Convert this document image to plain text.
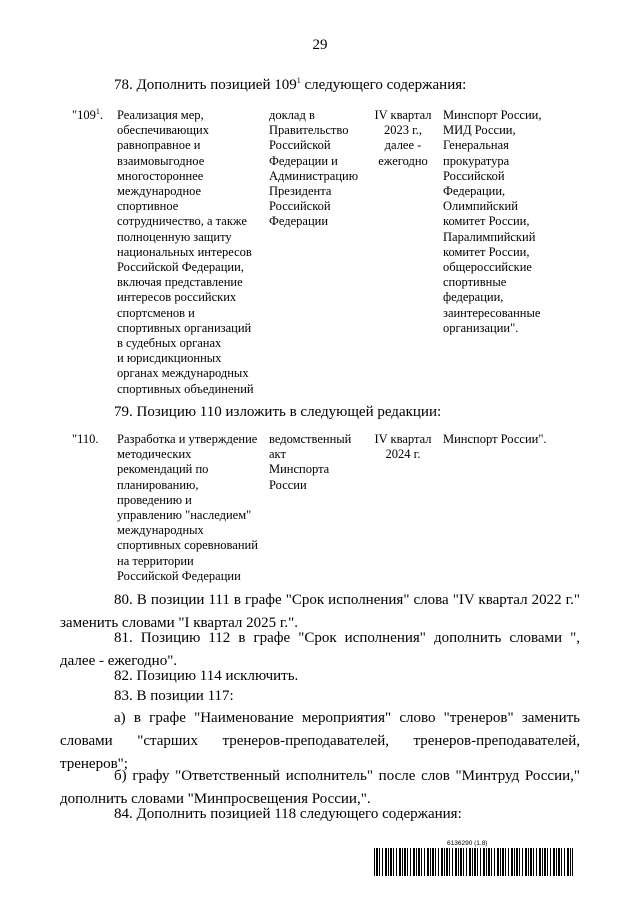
29
78. Дополнить позицией $109^1$ следующего содержания:
"$109^1$.	Реализация мер,
обеспечивающих
равноправное и
взаимовыгодное
многостороннее
международное
спортивное
сотрудничество, а также
полноценную защиту
национальных интересов
Российской Федерации,
включая представление
интересов российских
спортсменов и
спортивных организаций
в судебных органах
и юрисдикционных
органах международных
спортивных объединений
доклад в
Правительство
Российской
Федерации и
Администрацию
Президента
Российской
Федерации
IV квартал
2023 г.,
далее -
ежегодно
Минспорт России,
МИД России,
Генеральная
прокуратура
Российской
Федерации,
Олимпийский
комитет России,
Паралимпийский
комитет России,
общероссийские
спортивные
федерации,
заинтересованные
организации".
79. Позицию 110 изложить в следующей редакции:
"110.	Разработка и утверждение
методических
рекомендаций по
планированию,
проведению и
управлению "наследием"
международных
спортивных соревнований
на территории
Российской Федерации
ведомственный
акт
Минспорта
России
IV квартал
2024 г.
Минспорт России".
80. В позиции 111 в графе "Срок исполнения" слова "IV квартал 2022 г." заменить словами "I квартал 2025 г.".
81. Позицию 112 в графе "Срок исполнения" дополнить словами ", далее - ежегодно".
82. Позицию 114 исключить.
83. В позиции 117:
а) в графе "Наименование мероприятия" слово "тренеров" заменить словами "старших тренеров-преподавателей, тренеров-преподавателей, тренеров";
б) графу "Ответственный исполнитель" после слов "Минтруд России," дополнить словами "Минпросвещения России,".
84. Дополнить позицией 118 следующего содержания:
6136290 (1.8)
